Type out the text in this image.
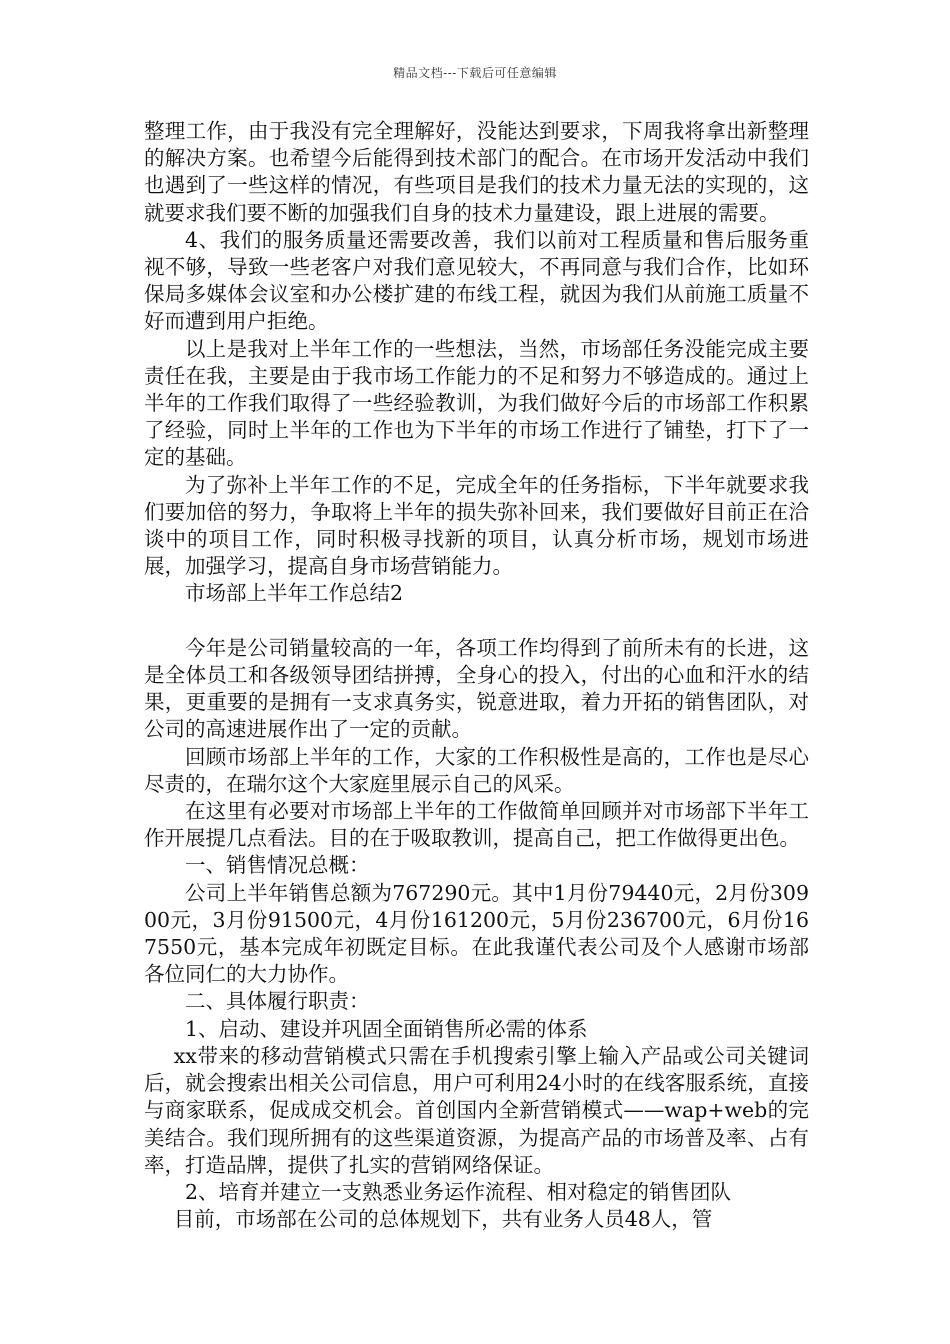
精品文档---下载后可任意编辑

整理工作，由于我没有完全理解好，没能达到要求，下周我将拿出新整理的解决方案。也希望今后能得到技术部门的配合。在市场开发活动中我们也遇到了一些这样的情况，有些项目是我们的技术力量无法的实现的，这就要求我们要不断的加强我们自身的技术力量建设，跟上进展的需要。

4、我们的服务质量还需要改善，我们以前对工程质量和售后服务重视不够，导致一些老客户对我们意见较大，不再同意与我们合作，比如环保局多媒体会议室和办公楼扩建的布线工程，就因为我们从前施工质量不好而遭到用户拒绝。

以上是我对上半年工作的一些想法，当然，市场部任务没能完成主要责任在我，主要是由于我市场工作能力的不足和努力不够造成的。通过上半年的工作我们取得了一些经验教训，为我们做好今后的市场部工作积累了经验，同时上半年的工作也为下半年的市场工作进行了铺垫，打下了一定的基础。

为了弥补上半年工作的不足，完成全年的任务指标，下半年就要求我们要加倍的努力，争取将上半年的损失弥补回来，我们要做好目前正在洽谈中的项目工作，同时积极寻找新的项目，认真分析市场，规划市场进展，加强学习，提高自身市场营销能力。

市场部上半年工作总结2

今年是公司销量较高的一年，各项工作均得到了前所未有的长进，这是全体员工和各级领导团结拼搏，全身心的投入，付出的心血和汗水的结果，更重要的是拥有一支求真务实，锐意进取，着力开拓的销售团队，对公司的高速进展作出了一定的贡献。

回顾市场部上半年的工作，大家的工作积极性是高的，工作也是尽心尽责的，在瑞尔这个大家庭里展示自己的风采。

在这里有必要对市场部上半年的工作做简单回顾并对市场部下半年工作开展提几点看法。目的在于吸取教训，提高自己，把工作做得更出色。

一、销售情况总概：

公司上半年销售总额为767290元。其中1月份79440元，2月份30900元，3月份91500元，4月份161200元，5月份236700元，6月份167550元，基本完成年初既定目标。在此我谨代表公司及个人感谢市场部各位同仁的大力协作。

二、具体履行职责：

1、启动、建设并巩固全面销售所必需的体系

xx带来的移动营销模式只需在手机搜索引擎上输入产品或公司关键词后，就会搜索出相关公司信息，用户可利用24小时的在线客服系统，直接与商家联系，促成成交机会。首创国内全新营销模式——wap+web的完美结合。我们现所拥有的这些渠道资源，为提高产品的市场普及率、占有率，打造品牌，提供了扎实的营销网络保证。

2、培育并建立一支熟悉业务运作流程、相对稳定的销售团队

目前，市场部在公司的总体规划下，共有业务人员48人，管
